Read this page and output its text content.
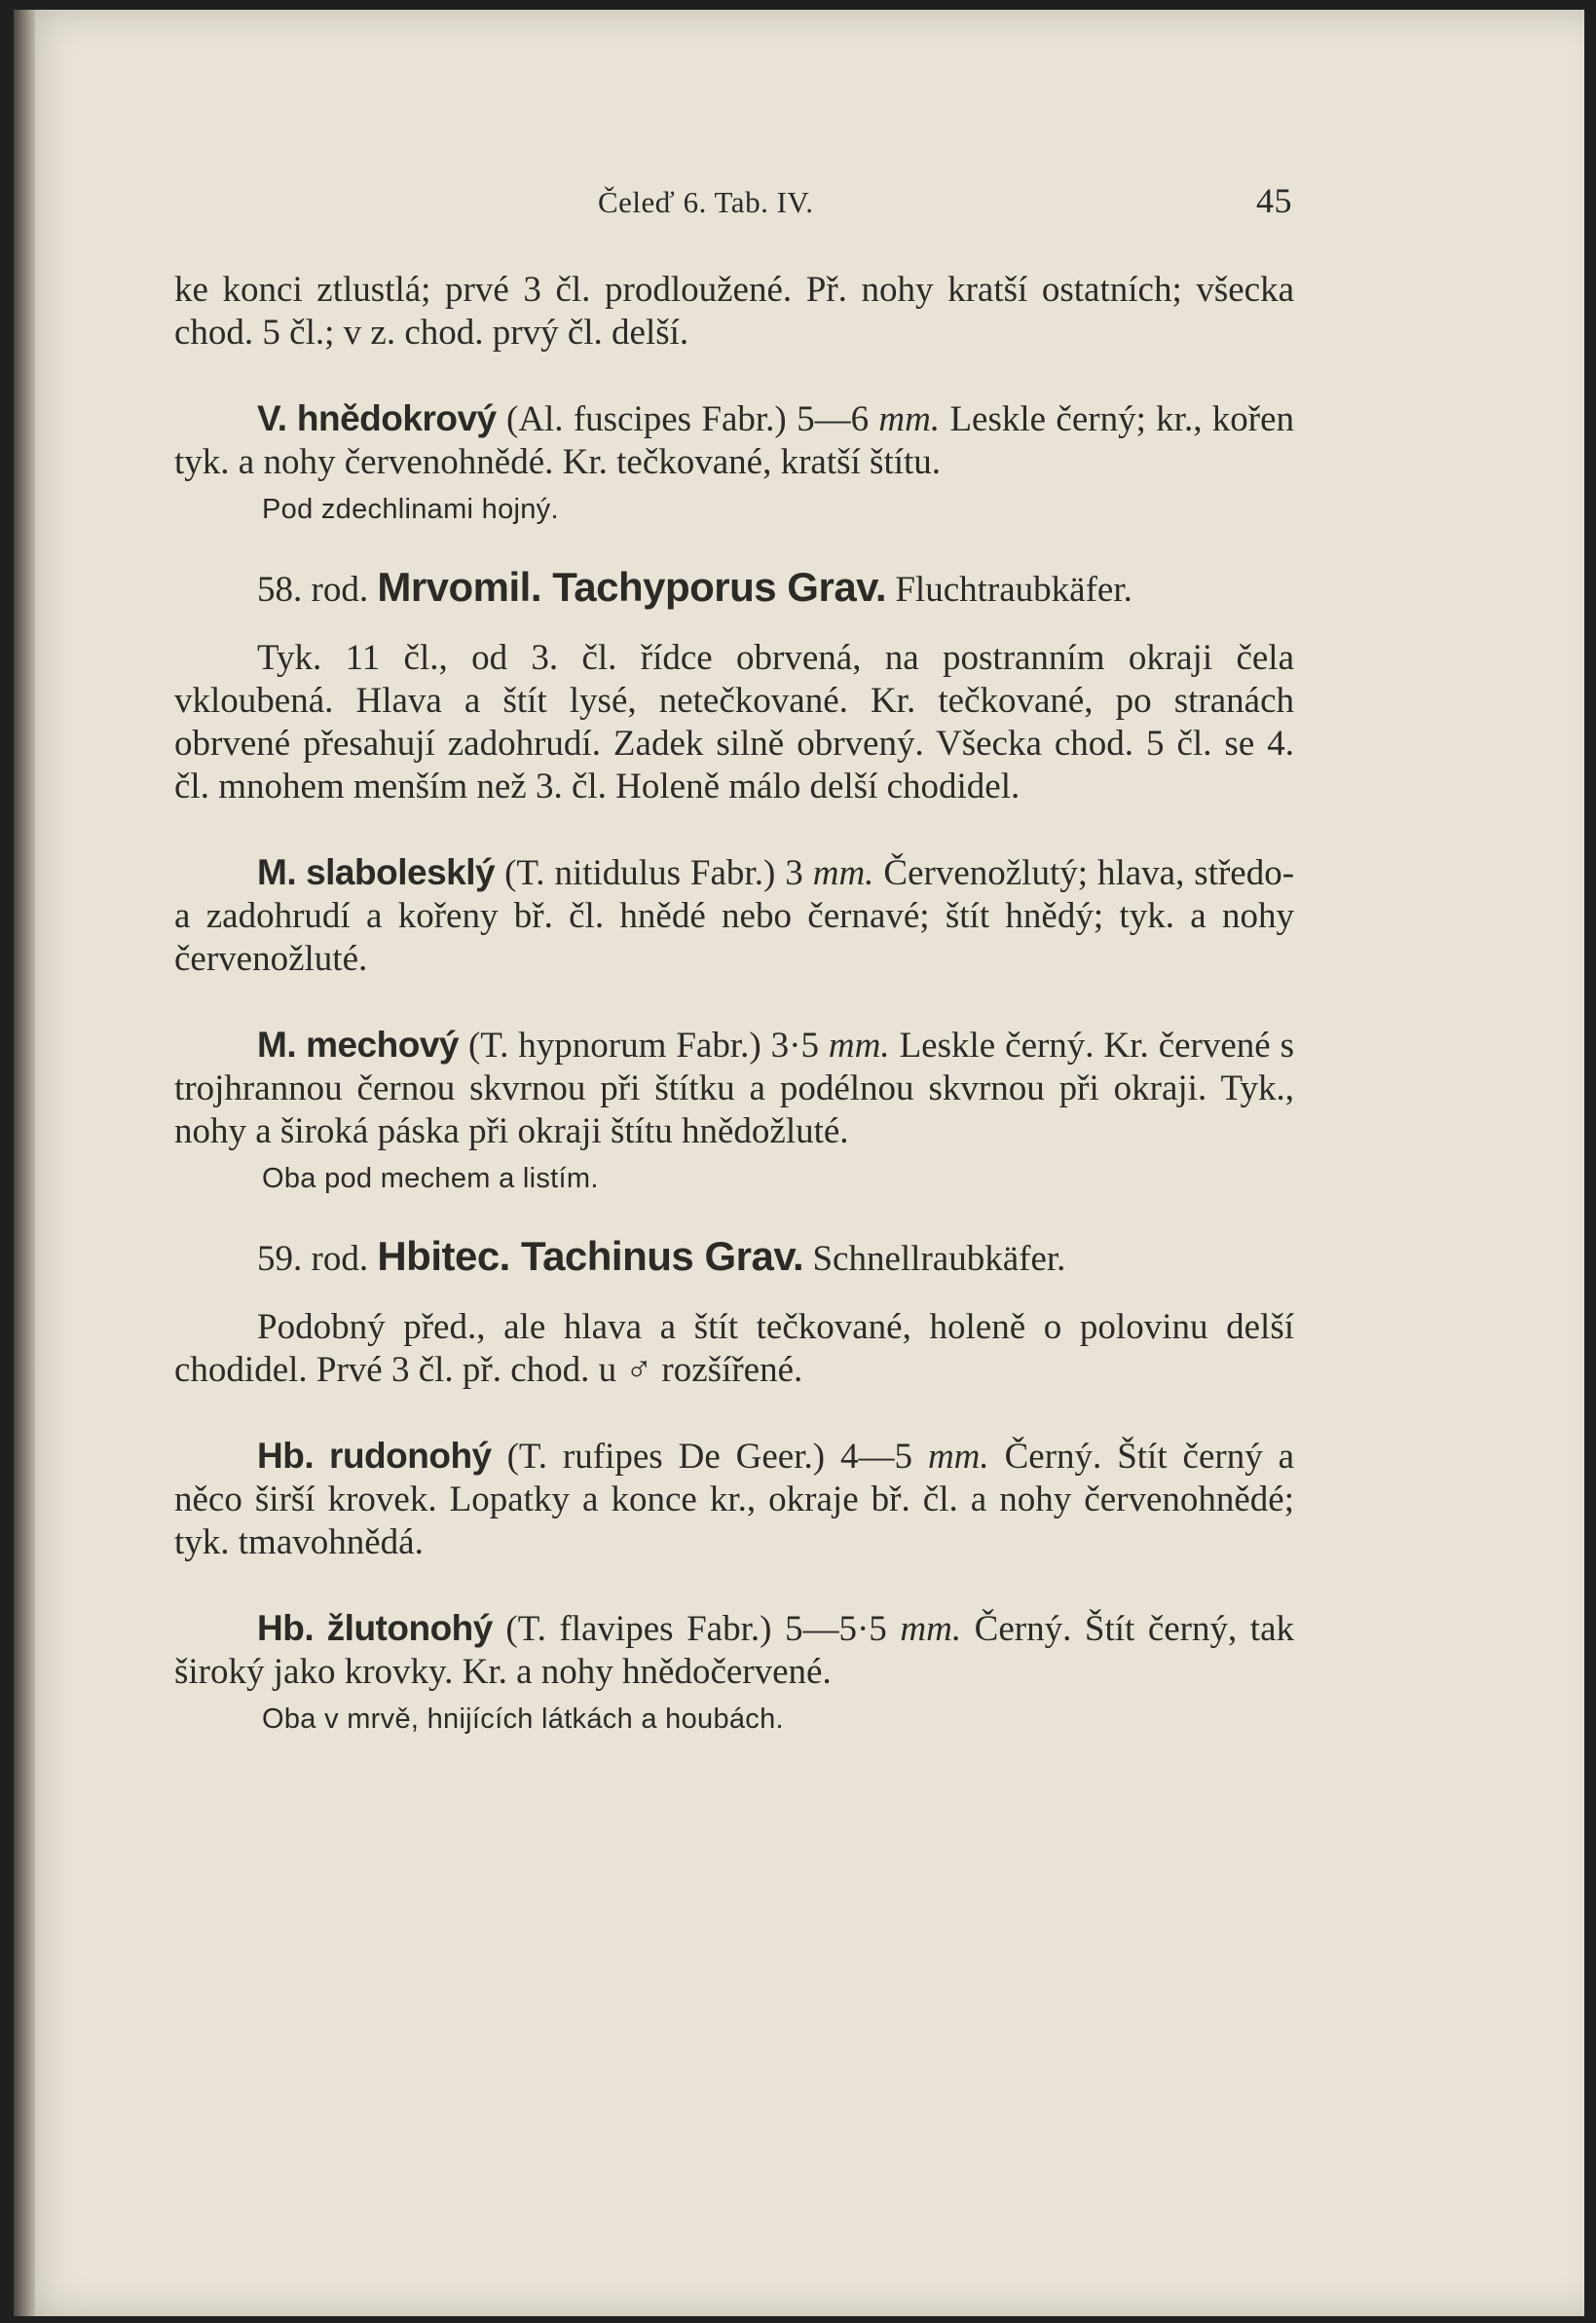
Čeleď 6. Tab. IV.	45

ke konci ztlustlá; prvé 3 čl. prodloužené. Př. nohy kratší ostatních; všecka chod. 5 čl.; v z. chod. prvý čl. delší.

V. hnědokrový (Al. fuscipes Fabr.) 5—6 mm. Leskle černý; kr., kořen tyk. a nohy červenohnědé. Kr. tečkované, kratší štítu.

Pod zdechlinami hojný.

58. rod. Mrvomil. Tachyporus Grav. Fluchtraubkäfer.

Tyk. 11 čl., od 3. čl. řídce obrvená, na postranním okraji čela vkloubená. Hlava a štít lysé, netečkované. Kr. tečkované, po stranách obrvené přesahují zadohrudí. Zadek silně obrvený. Všecka chod. 5 čl. se 4. čl. mnohem menším než 3. čl. Holeně málo delší chodidel.

M. slabolesklý (T. nitidulus Fabr.) 3 mm. Červenožlutý; hlava, středo- a zadohrudí a kořeny bř. čl. hnědé nebo černavé; štít hnědý; tyk. a nohy červenožluté.

M. mechový (T. hypnorum Fabr.) 3·5 mm. Leskle černý. Kr. červené s trojhrannou černou skvrnou při štítku a podélnou skvrnou při okraji. Tyk., nohy a široká páska při okraji štítu hnědožluté.

Oba pod mechem a listím.

59. rod. Hbitec. Tachinus Grav. Schnellraubkäfer.

Podobný před., ale hlava a štít tečkované, holeně o polovinu delší chodidel. Prvé 3 čl. př. chod. u ♂ rozšířené.

Hb. rudonohý (T. rufipes De Geer.) 4—5 mm. Černý. Štít černý a něco širší krovek. Lopatky a konce kr., okraje bř. čl. a nohy červenohnědé; tyk. tmavohnědá.

Hb. žlutonohý (T. flavipes Fabr.) 5—5·5 mm. Černý. Štít černý, tak široký jako krovky. Kr. a nohy hnědočervené.

Oba v mrvě, hnijících látkách a houbách.
